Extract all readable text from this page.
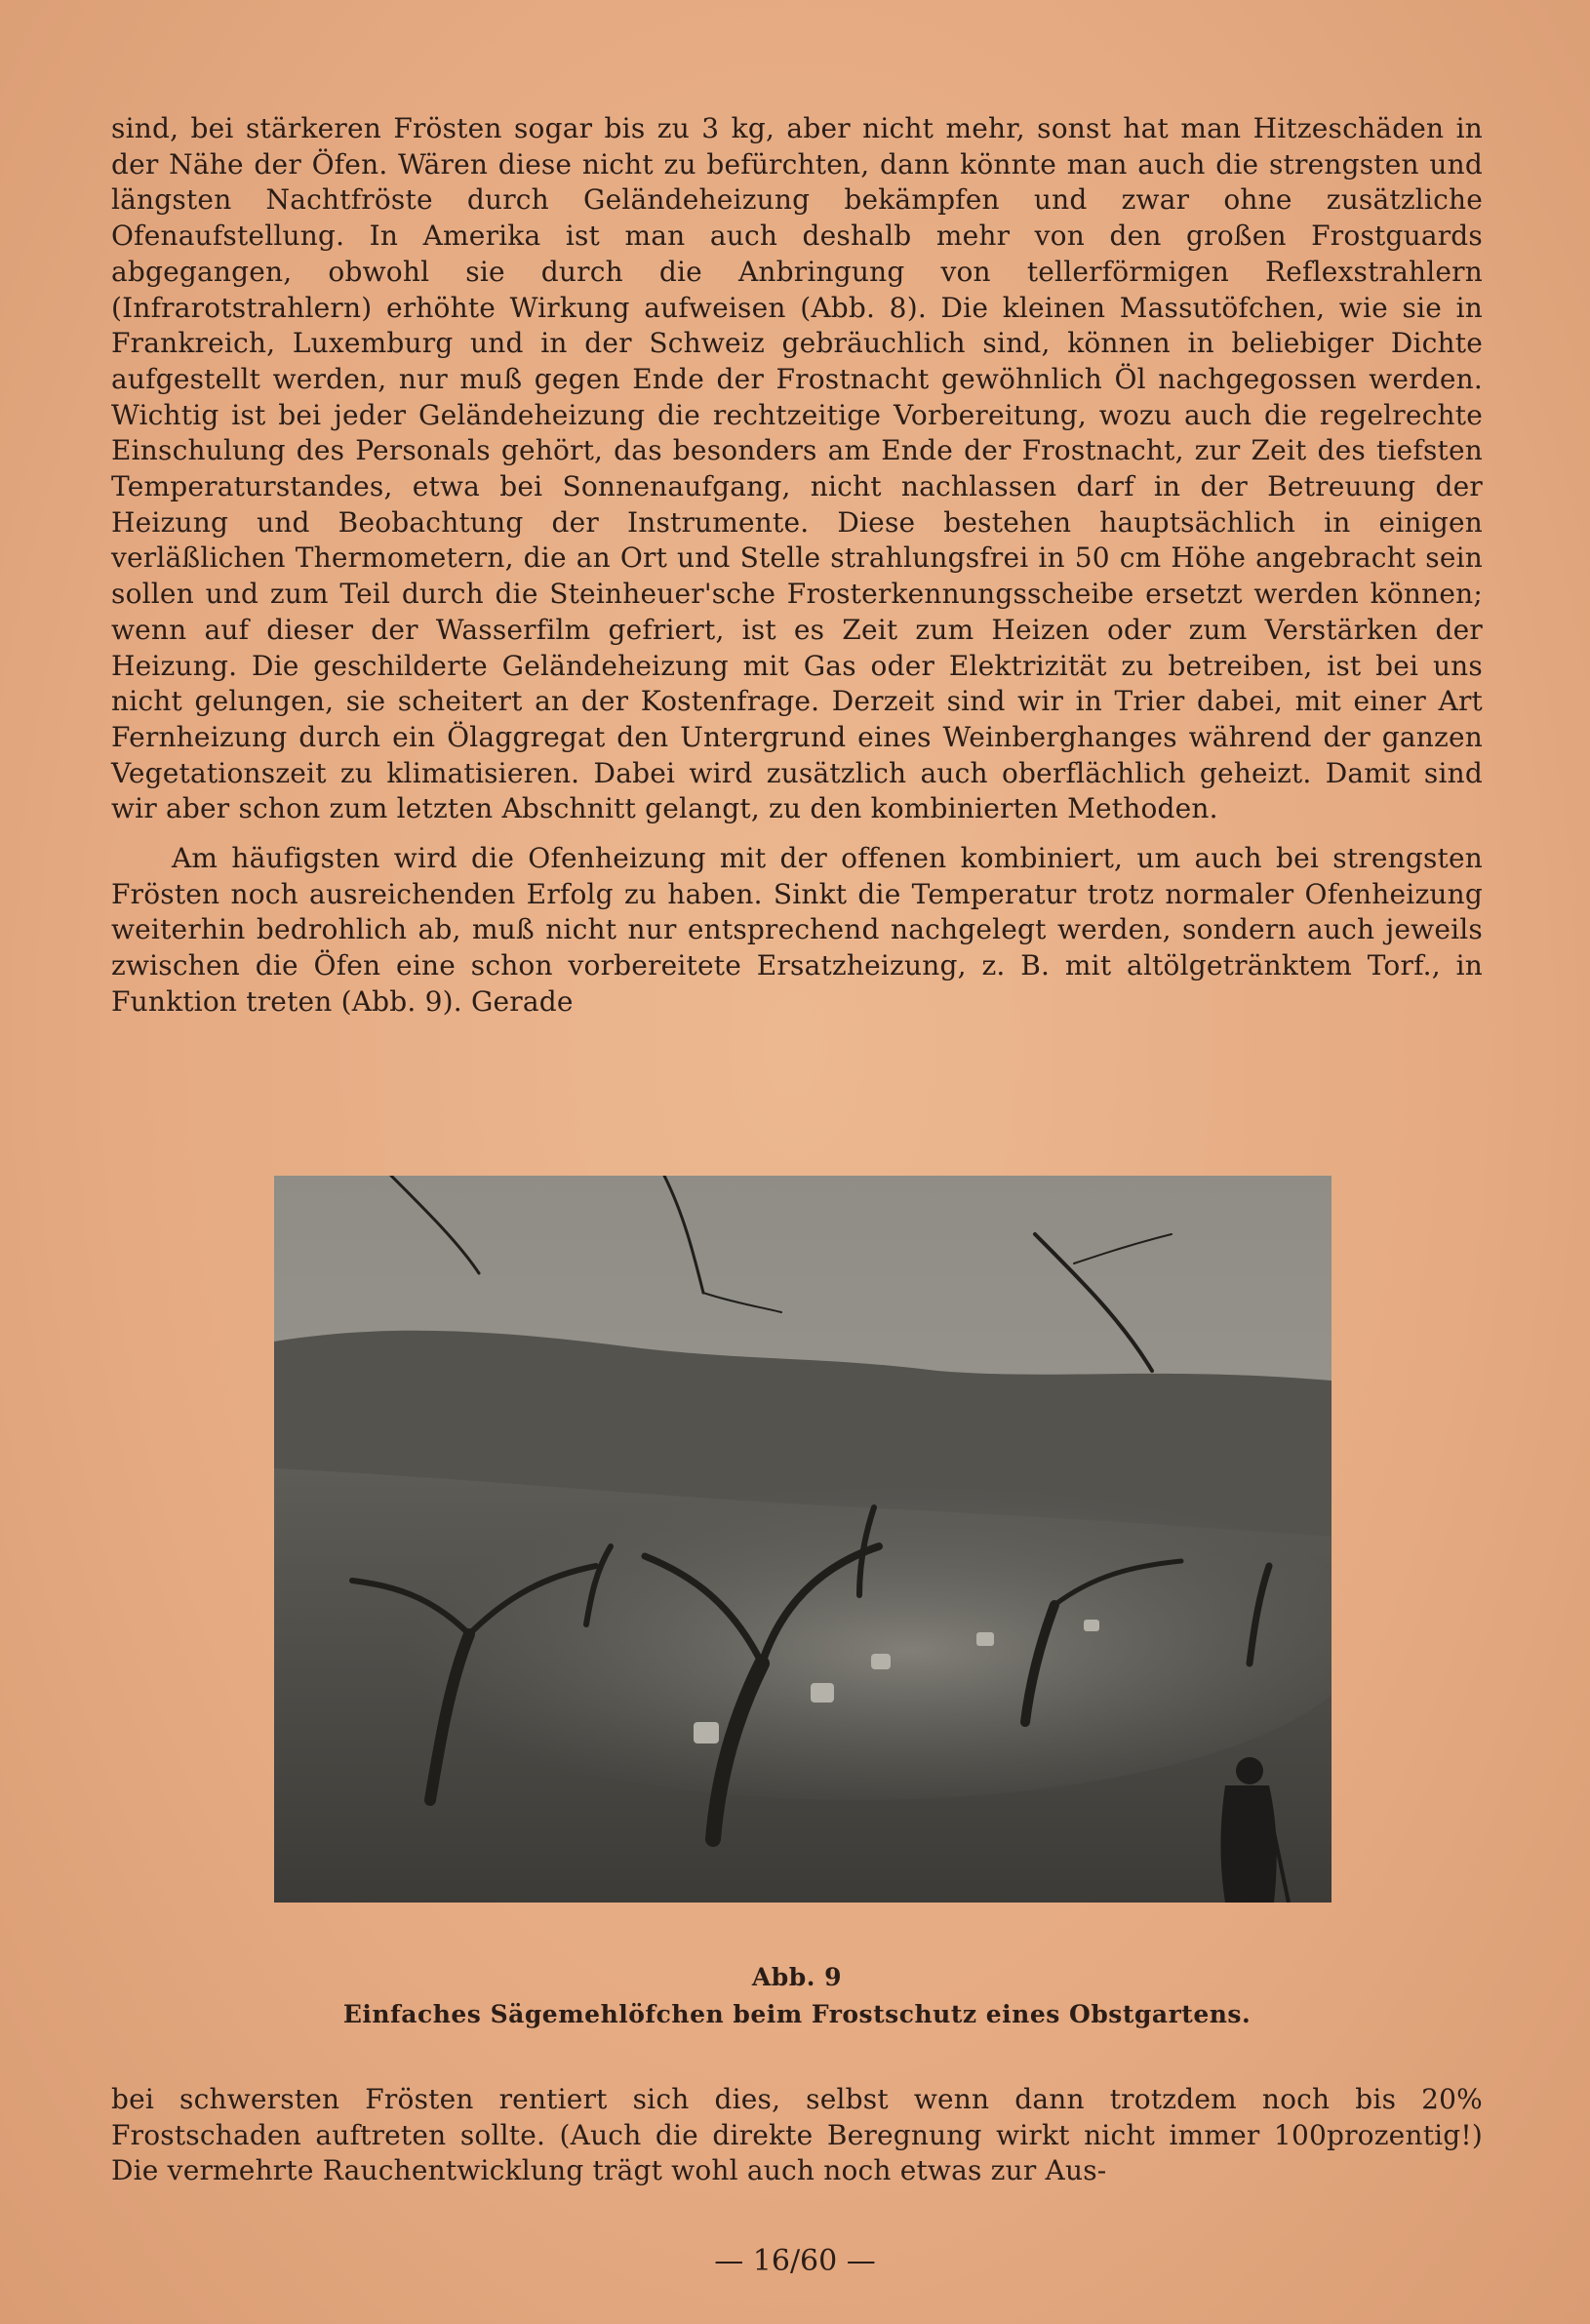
sind, bei stärkeren Frösten sogar bis zu 3 kg, aber nicht mehr, sonst hat man Hitzeschäden in der Nähe der Öfen. Wären diese nicht zu befürchten, dann könnte man auch die strengsten und längsten Nachtfröste durch Geländeheizung bekämpfen und zwar ohne zusätzliche Ofenaufstellung. In Amerika ist man auch deshalb mehr von den großen Frostguards abgegangen, obwohl sie durch die Anbringung von tellerförmigen Reflexstrahlern (Infrarotstrahlern) erhöhte Wirkung aufweisen (Abb. 8). Die kleinen Massutöfchen, wie sie in Frankreich, Luxemburg und in der Schweiz gebräuchlich sind, können in beliebiger Dichte aufgestellt werden, nur muß gegen Ende der Frostnacht gewöhnlich Öl nachgegossen werden. Wichtig ist bei jeder Geländeheizung die rechtzeitige Vorbereitung, wozu auch die regelrechte Einschulung des Personals gehört, das besonders am Ende der Frostnacht, zur Zeit des tiefsten Temperaturstandes, etwa bei Sonnenaufgang, nicht nachlassen darf in der Betreuung der Heizung und Beobachtung der Instrumente. Diese bestehen hauptsächlich in einigen verläßlichen Thermometern, die an Ort und Stelle strahlungsfrei in 50 cm Höhe angebracht sein sollen und zum Teil durch die Steinheuer'sche Frosterkennungsscheibe ersetzt werden können; wenn auf dieser der Wasserfilm gefriert, ist es Zeit zum Heizen oder zum Verstärken der Heizung. Die geschilderte Geländeheizung mit Gas oder Elektrizität zu betreiben, ist bei uns nicht gelungen, sie scheitert an der Kostenfrage. Derzeit sind wir in Trier dabei, mit einer Art Fernheizung durch ein Ölaggregat den Untergrund eines Weinberghanges während der ganzen Vegetationszeit zu klimatisieren. Dabei wird zusätzlich auch oberflächlich geheizt. Damit sind wir aber schon zum letzten Abschnitt gelangt, zu den kombinierten Methoden.

Am häufigsten wird die Ofenheizung mit der offenen kombiniert, um auch bei strengsten Frösten noch ausreichenden Erfolg zu haben. Sinkt die Temperatur trotz normaler Ofenheizung weiterhin bedrohlich ab, muß nicht nur entsprechend nachgelegt werden, sondern auch jeweils zwischen die Öfen eine schon vorbereitete Ersatzheizung, z. B. mit altölgetränktem Torf., in Funktion treten (Abb. 9). Gerade

Abb. 9
Einfaches Sägemehlöfchen beim Frostschutz eines Obstgartens.

bei schwersten Frösten rentiert sich dies, selbst wenn dann trotzdem noch bis 20% Frostschaden auftreten sollte. (Auch die direkte Beregnung wirkt nicht immer 100prozentig!) Die vermehrte Rauchentwicklung trägt wohl auch noch etwas zur Aus-

— 16/60 —
